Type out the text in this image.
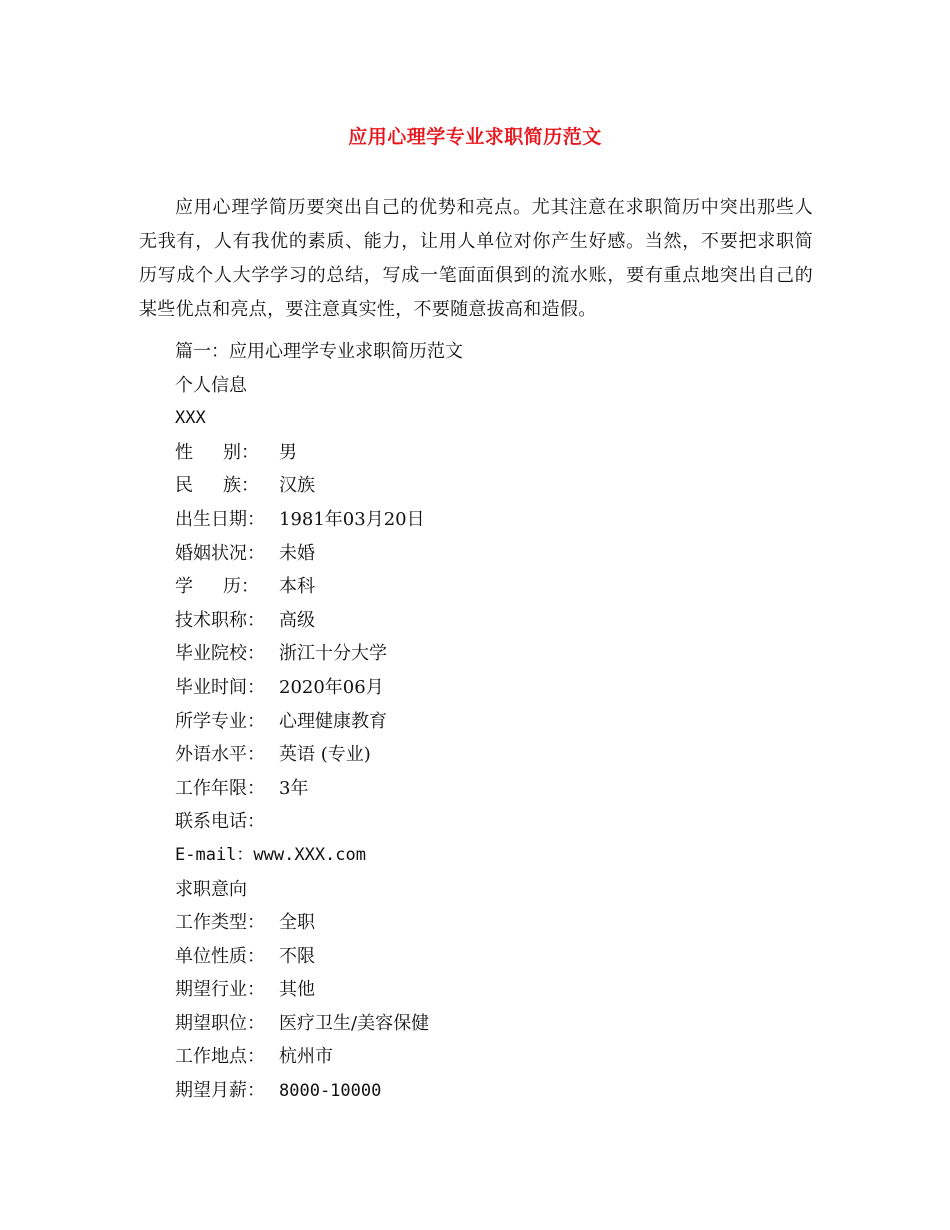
应用心理学专业求职简历范文

应用心理学简历要突出自己的优势和亮点。尤其注意在求职简历中突出那些人无我有，人有我优的素质、能力，让用人单位对你产生好感。当然，不要把求职简历写成个人大学学习的总结，写成一笔面面俱到的流水账，要有重点地突出自己的某些优点和亮点，要注意真实性，不要随意拔高和造假。

篇一：应用心理学专业求职简历范文
个人信息
XXX
性 别： 男
民 族： 汉族
出生日期： 1981年03月20日
婚姻状况： 未婚
学 历： 本科
技术职称： 高级
毕业院校： 浙江十分大学
毕业时间： 2020年06月
所学专业： 心理健康教育
外语水平： 英语 (专业)
工作年限： 3年
联系电话：
E-mail：www.XXX.com
求职意向
工作类型： 全职
单位性质： 不限
期望行业： 其他
期望职位： 医疗卫生/美容保健
工作地点： 杭州市
期望月薪： 8000-10000
